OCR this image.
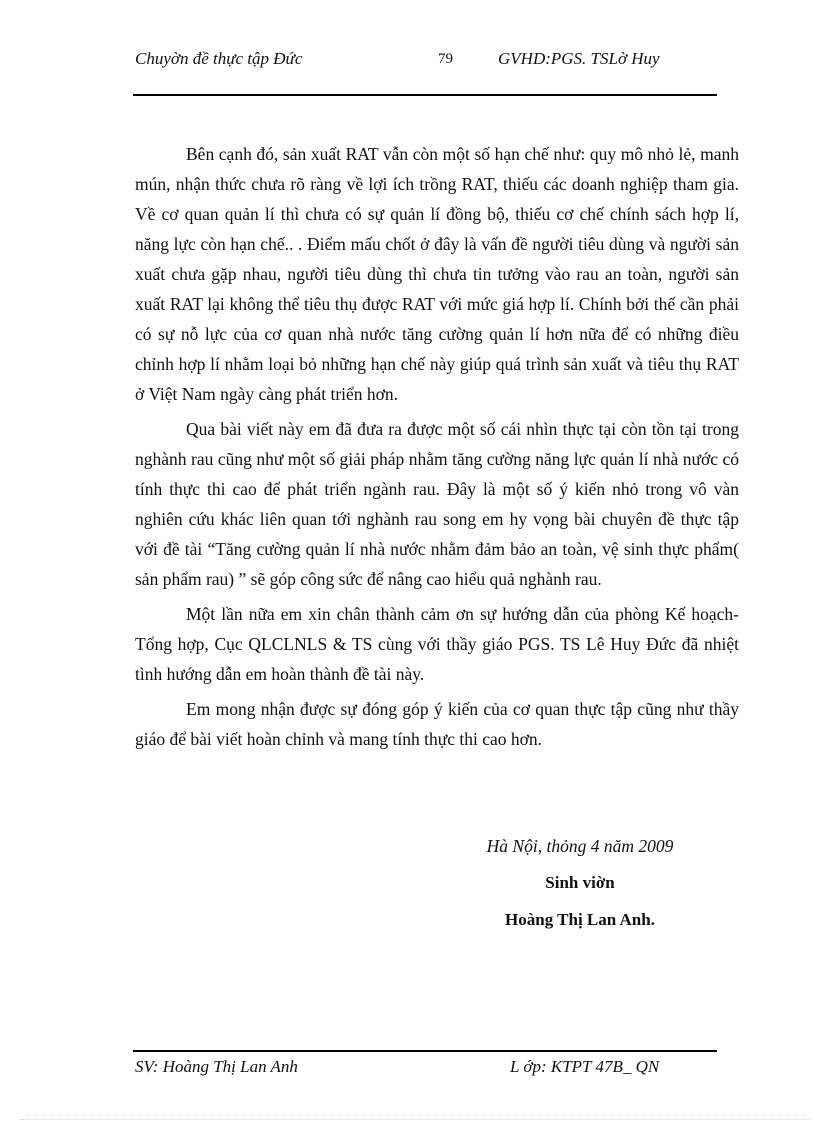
Chuyờn đề thực tập Đức	79	GVHD:PGS. TSLờ Huy

Bên cạnh đó, sản xuất RAT vẫn còn một số hạn chế như: quy mô nhỏ lẻ, manh mún, nhận thức chưa rõ ràng về lợi ích trồng RAT, thiếu các doanh nghiệp tham gia. Về cơ quan quản lí thì chưa có sự quản lí đồng bộ, thiếu cơ chế chính sách hợp lí, năng lực còn hạn chế.. . Điểm mấu chốt ở đây là vấn đề người tiêu dùng và người sản xuất chưa gặp nhau, người tiêu dùng thì chưa tin tưởng vào rau an toàn, người sản xuất RAT lại không thể tiêu thụ được RAT với mức giá hợp lí. Chính bởi thế cần phải có sự nỗ lực của cơ quan nhà nước tăng cường quản lí hơn nữa để có những điều chỉnh hợp lí nhằm loại bỏ những hạn chế này giúp quá trình sản xuất và tiêu thụ RAT ở Việt Nam ngày càng phát triển hơn.

Qua bài viết này em đã đưa ra được một số cái nhìn thực tại còn tồn tại trong nghành rau cũng như một số giải pháp nhằm tăng cường năng lực quản lí nhà nước có tính thực thi cao để phát triển ngành rau. Đây là một số ý kiến nhỏ trong vô vàn nghiên cứu khác liên quan tới nghành rau song em hy vọng bài chuyên đề thực tập với đề tài “Tăng cường quản lí nhà nước nhằm đảm bảo an toàn, vệ sinh thực phẩm( sản phẩm rau) ” sẽ góp công sức để nâng cao hiểu quả nghành rau.

Một lần nữa em xin chân thành cảm ơn sự hướng dẫn của phòng Kế hoạch- Tổng hợp, Cục QLCLNLS & TS cùng với thầy giáo PGS. TS Lê Huy Đức đã nhiệt tình hướng dẫn em hoàn thành đề tài này.

Em mong nhận được sự đóng góp ý kiến của cơ quan thực tập cũng như thầy giáo để bài viết hoàn chỉnh và mang tính thực thi cao hơn.

Hà Nội, thỏng 4 năm 2009
Sinh viờn
Hoàng Thị Lan Anh.
SV: Hoàng Thị Lan Anh	L ớp: KTPT 47B_ QN
